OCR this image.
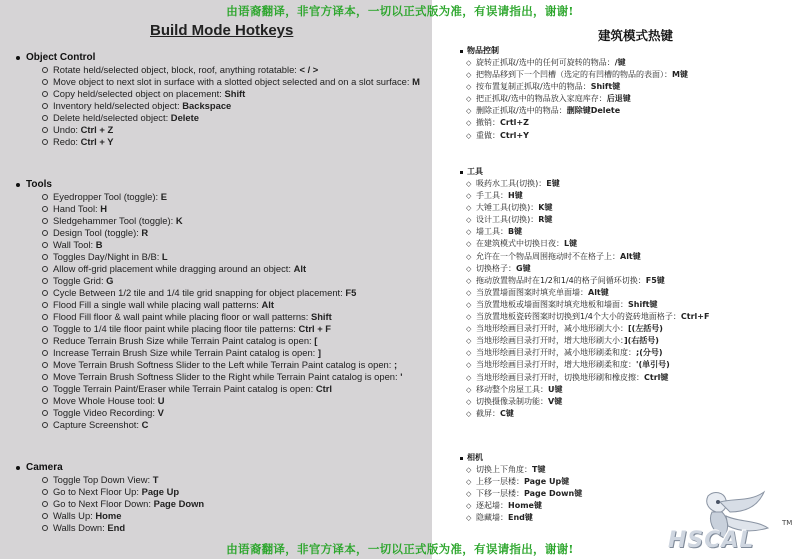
由语裔翻译，非官方译本，一切以正式版为准，有误请指出，谢谢!
由语裔翻译，非官方译本，一切以正式版为准，有误请指出，谢谢!
Build Mode Hotkeys	建筑模式热键
Object Control
Rotate held/selected object, block, roof, anything rotatable: < / >
Move object to next slot in surface with a slotted object selected and on a slot surface: M
Copy held/selected object on placement: Shift
Inventory held/selected object: Backspace
Delete held/selected object: Delete
Undo: Ctrl + Z
Redo: Ctrl + Y
Tools
Eyedropper Tool (toggle): E
Hand Tool: H
Sledgehammer Tool (toggle): K
Design Tool (toggle): R
Wall Tool: B
Toggles Day/Night in B/B: L
Allow off-grid placement while dragging around an object: Alt
Toggle Grid: G
Cycle Between 1/2 tile and 1/4 tile grid snapping for object placement: F5
Flood Fill a single wall while placing wall patterns: Alt
Flood Fill floor & wall paint while placing floor or wall patterns: Shift
Toggle to 1/4 tile floor paint while placing floor tile patterns: Ctrl + F
Reduce Terrain Brush Size while Terrain Paint catalog is open: [
Increase Terrain Brush Size while Terrain Paint catalog is open: ]
Move Terrain Brush Softness Slider to the Left while Terrain Paint catalog is open: ;
Move Terrain Brush Softness Slider to the Right while Terrain Paint catalog is open: '
Toggle Terrain Paint/Eraser while Terrain Paint catalog is open: Ctrl
Move Whole House tool: U
Toggle Video Recording: V
Capture Screenshot: C
Camera
Toggle Top Down View: T
Go to Next Floor Up: Page Up
Go to Next Floor Down: Page Down
Walls Up: Home
Walls Down: End
物品控制
◇ 旋转正抓取/选中的任何可旋转的物品：/键
◇ 把物品移到下一个凹槽（选定的有凹槽的物品的表面）：M键
◇ 按布置复制正抓取/选中的物品：Shift键
◇ 把正抓取/选中的物品放入家庭库存：后退键
◇ 删除正抓取/选中的物品：删除键Delete
◇ 撤销：Crtl+Z
◇ 重做：Ctrl+Y
工具
◇ 吸药水工具(切换)：E键
◇ 手工具：H键
◇ 大锤工具(切换)：K键
◇ 设计工具(切换)：R键
◇ 墙工具：B键
◇ 在建筑模式中切换日夜：L键
◇ 允许在一个物品周围拖动时不在格子上：Alt键
◇ 切换格子：G键
◇ 拖动放置物品时在1/2和1/4的格子间循环切换：F5键
◇ 当放置墙面图案时填充单面墙：Alt键
◇ 当放置地板或墙面图案时填充地板和墙面：Shift键
◇ 当放置地板瓷砖图案时切换到1/4个大小的瓷砖地面格子：Ctrl+F
◇ 当地形绘画目录打开时，减小地形刷大小：[(左括号)
◇ 当地形绘画目录打开时，增大地形刷大小：](右括号)
◇ 当地形绘画目录打开时，减小地形刷柔和度：;(分号)
◇ 当地形绘画目录打开时，增大地形刷柔和度：'(单引号)
◇ 当地形绘画目录打开时，切换地形刷和橡皮擦：Ctrl键
◇ 移动整个房屋工具：U键
◇ 切换摄像录制功能：V键
◇ 截屏：C键
相机
◇ 切换上下角度：T键
◇ 上移一层楼：Page Up键
◇ 下移一层楼：Page Down键
◇ 逐起墙：Home键
◇ 隐藏墙：End键
HSCAL
TM
